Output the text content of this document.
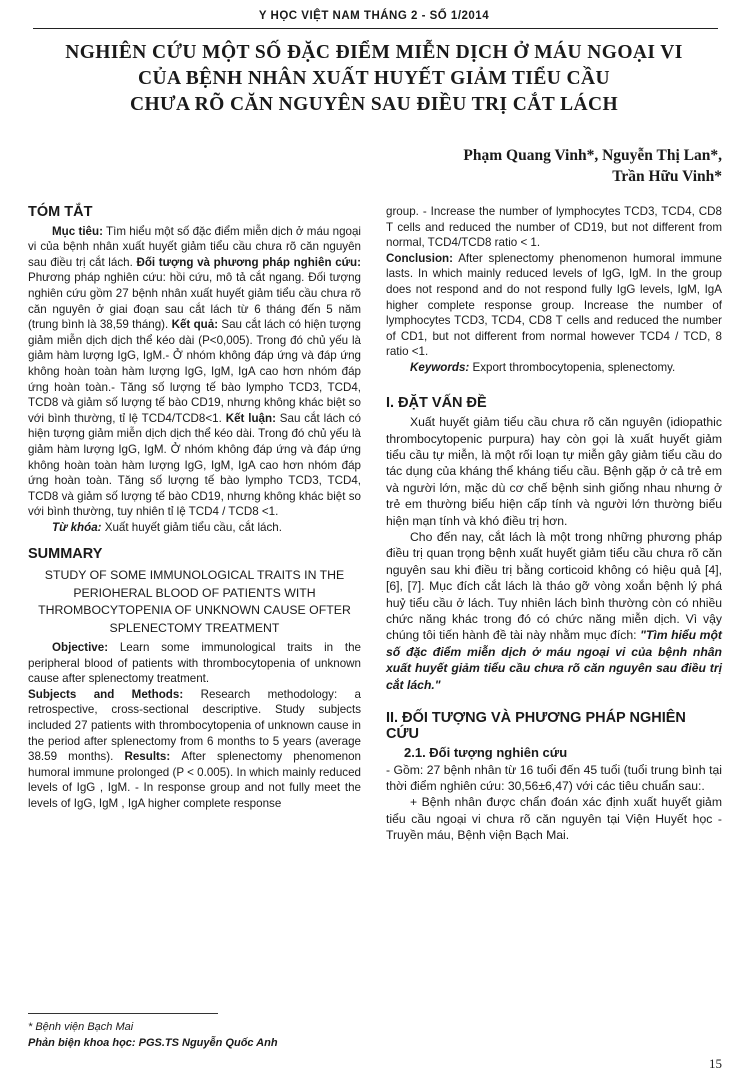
Y HỌC VIỆT NAM THÁNG 2 - SỐ 1/2014
NGHIÊN CỨU MỘT SỐ ĐẶC ĐIỂM MIỄN DỊCH Ở MÁU NGOẠI VI
CỦA BỆNH NHÂN XUẤT HUYẾT GIẢM TIỂU CẦU
CHƯA RÕ CĂN NGUYÊN SAU ĐIỀU TRỊ CẮT LÁCH
Phạm Quang Vinh*, Nguyễn Thị Lan*,
Trần Hữu Vinh*
TÓM TẮT

Mục tiêu: Tìm hiểu một số đặc điểm miễn dịch ở máu ngoại vi của bệnh nhân xuất huyết giảm tiểu cầu chưa rõ căn nguyên sau điều trị cắt lách. Đối tượng và phương pháp nghiên cứu: Phương pháp nghiên cứu: hồi cứu, mô tả cắt ngang. Đối tượng nghiên cứu gồm 27 bệnh nhân xuất huyết giảm tiểu cầu chưa rõ căn nguyên ở giai đoạn sau cắt lách từ 6 tháng đến 5 năm (trung bình là 38,59 tháng). Kết quả: Sau cắt lách có hiện tượng giảm miễn dịch dịch thể kéo dài (P<0,005). Trong đó chủ yếu là giảm hàm lượng IgG, IgM.- Ở nhóm không đáp ứng và đáp ứng không hoàn toàn hàm lượng IgG, IgM, IgA cao hơn nhóm đáp ứng hoàn toàn.- Tăng số lượng tế bào lympho TCD3, TCD4, TCD8 và giảm số lượng tế bào CD19, nhưng không khác biệt so với bình thường, tỉ lệ TCD4/TCD8<1. Kết luận: Sau cắt lách có hiện tượng giảm miễn dịch dịch thể kéo dài. Trong đó chủ yếu là giảm hàm lượng IgG, IgM. Ở nhóm không đáp ứng và đáp ứng không hoàn toàn hàm lượng IgG, IgM, IgA cao hơn nhóm đáp ứng hoàn toàn. Tăng số lượng tế bào lympho TCD3, TCD4, TCD8 và giảm số lượng tế bào CD19, nhưng không khác biệt so với bình thường, tuy nhiên tỉ lệ TCD4 / TCD8 <1.

Từ khóa: Xuất huyết giảm tiểu cầu, cắt lách.

SUMMARY
STUDY OF SOME IMMUNOLOGICAL TRAITS IN THE PERIOHERAL BLOOD OF PATIENTS WITH THROMBOCYTOPENIA OF UNKNOWN CAUSE OFTER SPLENECTOMY TREATMENT

Objective: Learn some immunological traits in the peripheral blood of patients with thrombocytopenia of unknown cause after splenectomy treatment.
Subjects and Methods: Research methodology: a retrospective, cross-sectional descriptive. Study subjects included 27 patients with thrombocytopenia of unknown cause in the period after splenectomy from 6 months to 5 years (average 38.59 months). Results: After splenectomy phenomenon humoral immune prolonged (P < 0.005). In which mainly reduced levels of IgG , IgM. - In response group and not fully meet the levels of IgG, IgM , IgA higher complete response

* Bệnh viện Bạch Mai
Phản biện khoa học: PGS.TS Nguyễn Quốc Anh

group. - Increase the number of lymphocytes TCD3, TCD4, CD8 T cells and reduced the number of CD19, but not different from normal, TCD4/TCD8 ratio < 1.

Conclusion: After splenectomy phenomenon humoral immune lasts. In which mainly reduced levels of IgG, IgM. In the group does not respond and do not respond fully IgG levels, IgM, IgA higher complete response group. Increase the number of lymphocytes TCD3, TCD4, CD8 T cells and reduced the number of CD1, but not different from normal however TCD4 / TCD, 8 ratio <1.

Keywords: Export thrombocytopenia, splenectomy.

I. ĐẶT VẤN ĐỀ

Xuất huyết giảm tiểu cầu chưa rõ căn nguyên (idiopathic thrombocytopenic purpura) hay còn gọi là xuất huyết giảm tiểu cầu tự miễn, là một rối loạn tự miễn gây giảm tiểu cầu do tác dụng của kháng thể kháng tiểu cầu. Bệnh gặp ở cả trẻ em và người lớn, mặc dù cơ chế bệnh sinh giống nhau nhưng ở trẻ em thường biểu hiện cấp tính và người lớn thường biểu hiện mạn tính và khó điều trị hơn.

Cho đến nay, cắt lách là một trong những phương pháp điều trị quan trọng bệnh xuất huyết giảm tiểu cầu chưa rõ căn nguyên sau khi điều trị bằng corticoid không có hiệu quả [4], [6], [7]. Mục đích cắt lách là tháo gỡ vòng xoắn bệnh lý phá huỷ tiểu cầu ở lách. Tuy nhiên lách bình thường còn có nhiều chức năng khác trong đó có chức năng miễn dịch. Vì vậy chúng tôi tiến hành đề tài này nhằm mục đích: "Tìm hiểu một số đặc điểm miễn dịch ở máu ngoại vi của bệnh nhân xuất huyết giảm tiểu cầu chưa rõ căn nguyên sau điều trị cắt lách."

II. ĐỐI TƯỢNG VÀ PHƯƠNG PHÁP NGHIÊN CỨU
2.1. Đối tượng nghiên cứu

- Gồm: 27 bệnh nhân từ 16 tuổi đến 45 tuổi (tuổi trung bình tại thời điểm nghiên cứu: 30,56±6,47) với các tiêu chuẩn sau:.

+ Bệnh nhân được chẩn đoán xác định xuất huyết giảm tiểu cầu ngoại vi chưa rõ căn nguyên tại Viện Huyết học - Truyền máu, Bệnh viện Bạch Mai.

15
